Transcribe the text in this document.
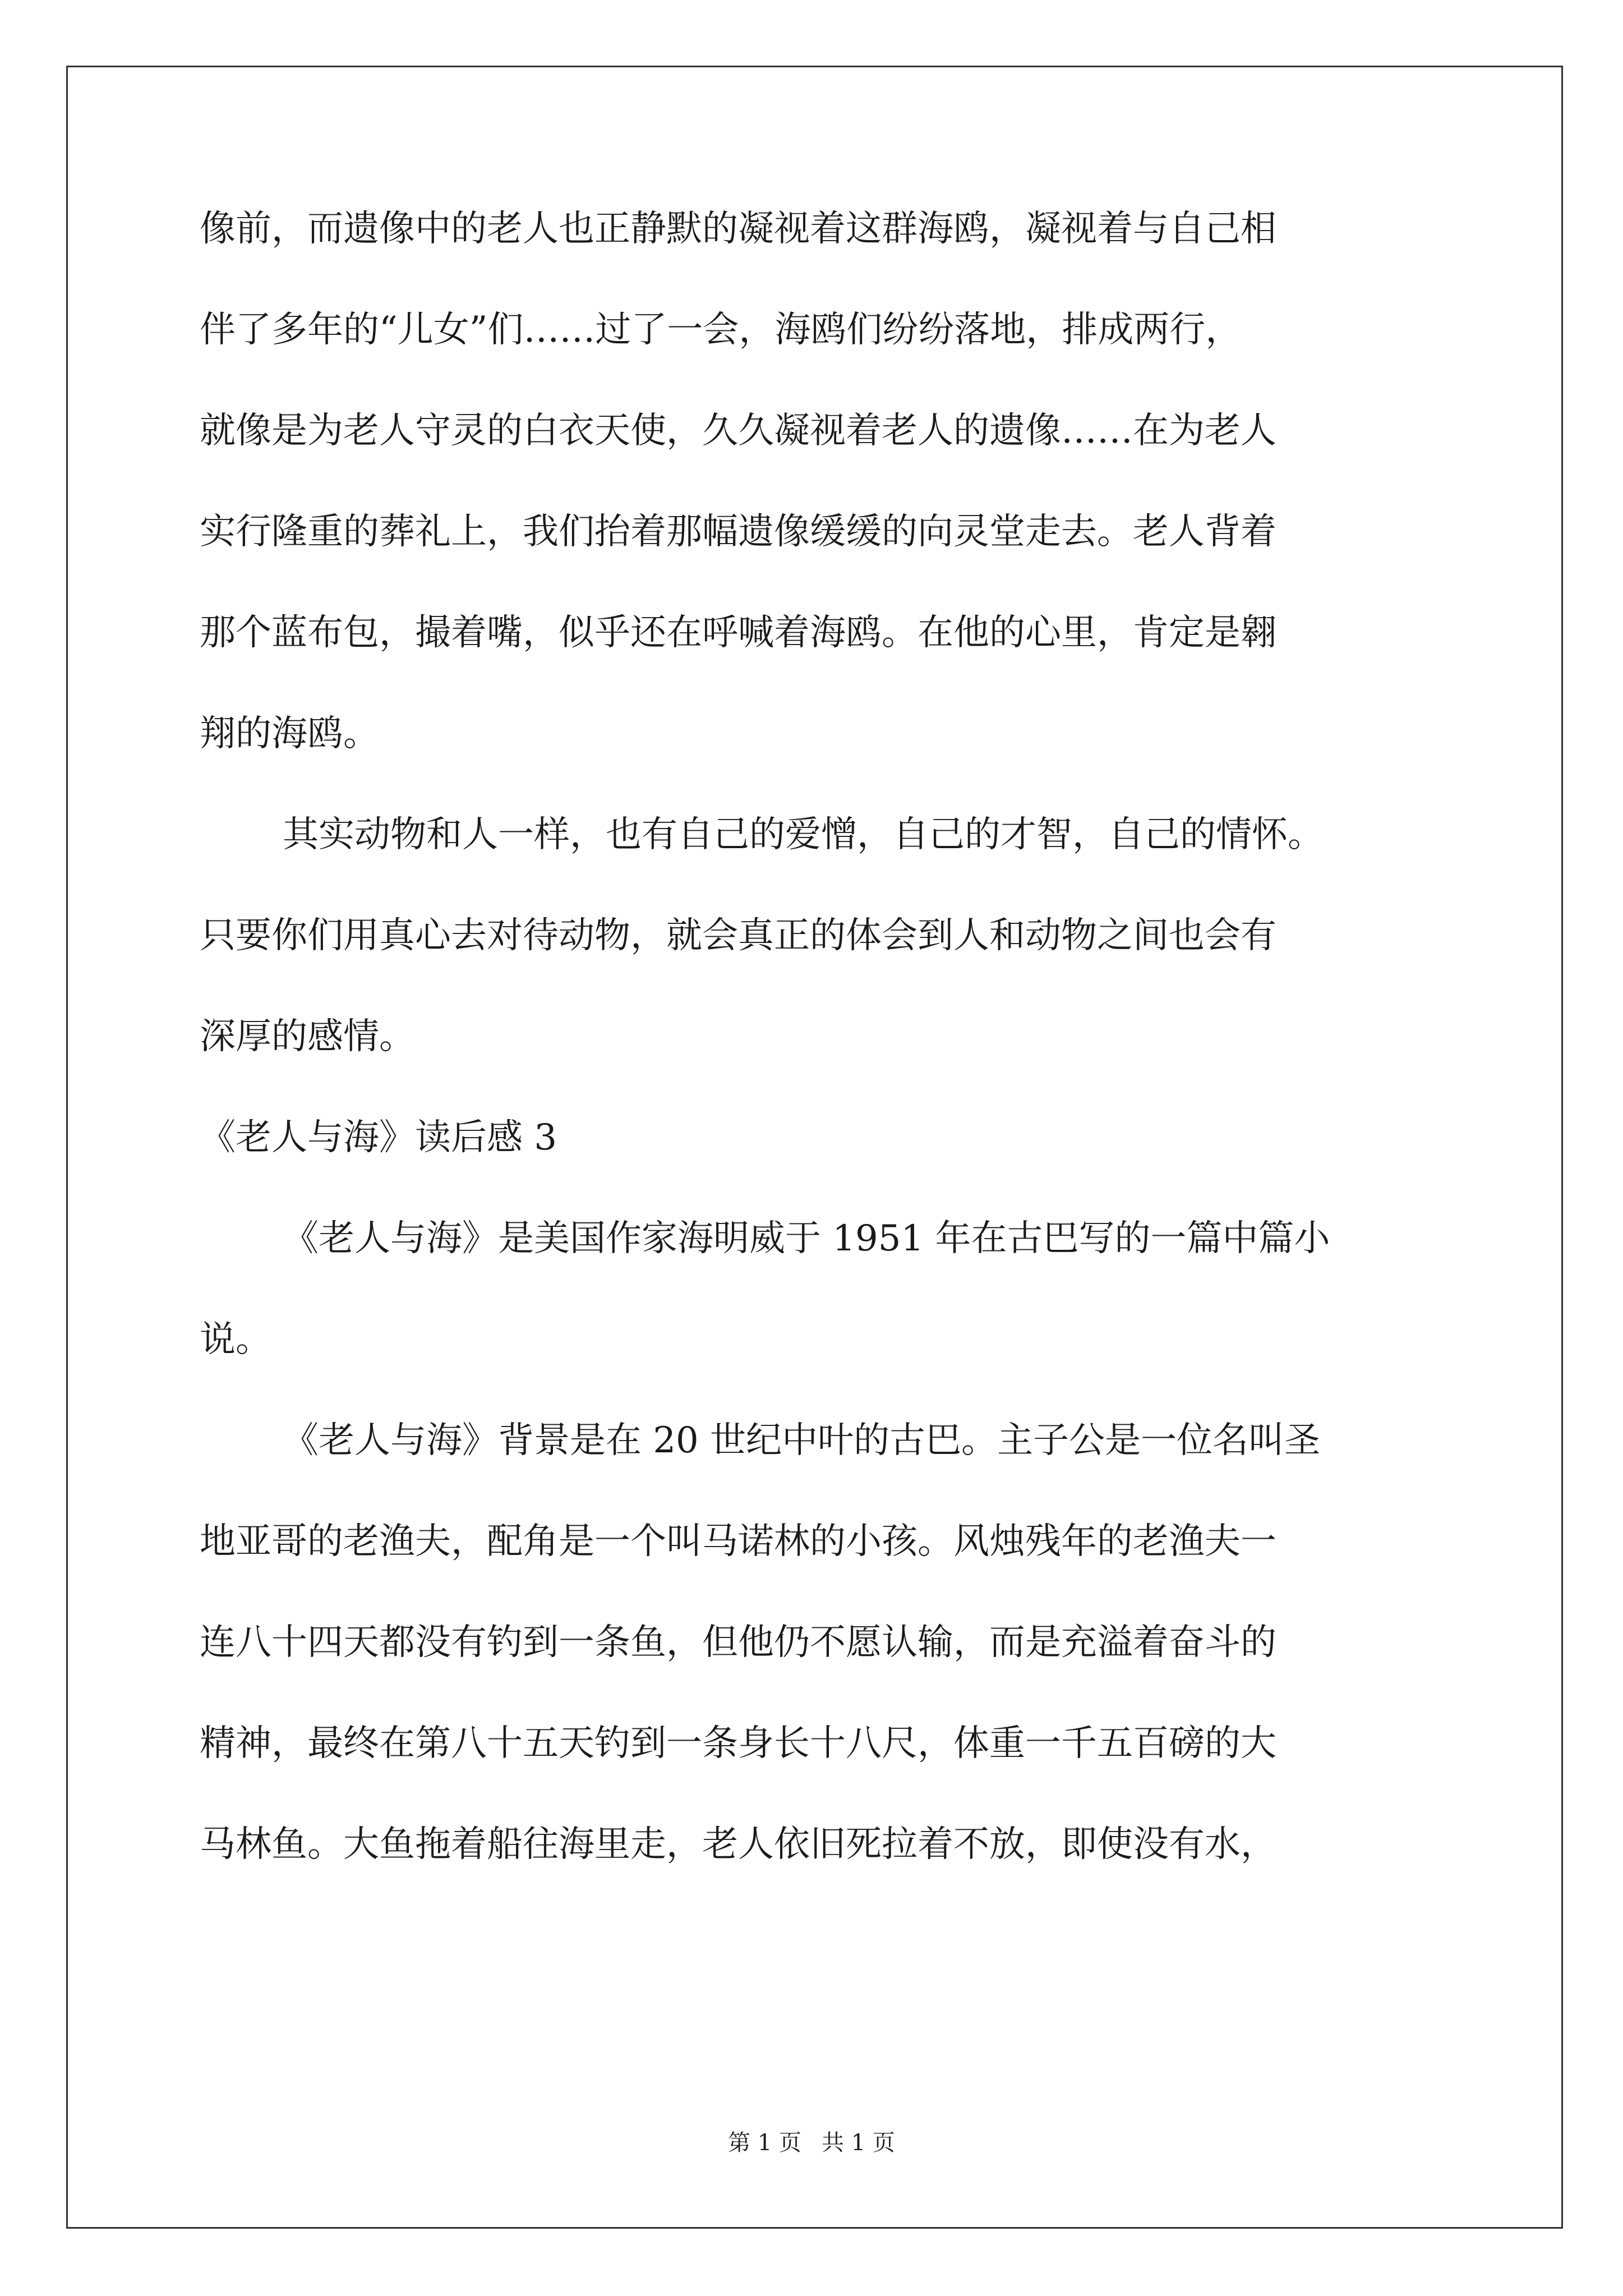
像前，而遗像中的老人也正静默的凝视着这群海鸥，凝视着与自己相
伴了多年的“儿女”们……过了一会，海鸥们纷纷落地，排成两行，
就像是为老人守灵的白衣天使，久久凝视着老人的遗像……在为老人
实行隆重的葬礼上，我们抬着那幅遗像缓缓的向灵堂走去。老人背着
那个蓝布包，撮着嘴，似乎还在呼喊着海鸥。在他的心里，肯定是翱
翔的海鸥。
其实动物和人一样，也有自己的爱憎，自己的才智，自己的情怀。
只要你们用真心去对待动物，就会真正的体会到人和动物之间也会有
深厚的感情。
《老人与海》读后感 3
《老人与海》是美国作家海明威于 1951 年在古巴写的一篇中篇小
说。
《老人与海》背景是在 20 世纪中叶的古巴。主子公是一位名叫圣
地亚哥的老渔夫，配角是一个叫马诺林的小孩。风烛残年的老渔夫一
连八十四天都没有钓到一条鱼，但他仍不愿认输，而是充溢着奋斗的
精神，最终在第八十五天钓到一条身长十八尺，体重一千五百磅的大
马林鱼。大鱼拖着船往海里走，老人依旧死拉着不放，即使没有水，
第 1 页 共 1 页
